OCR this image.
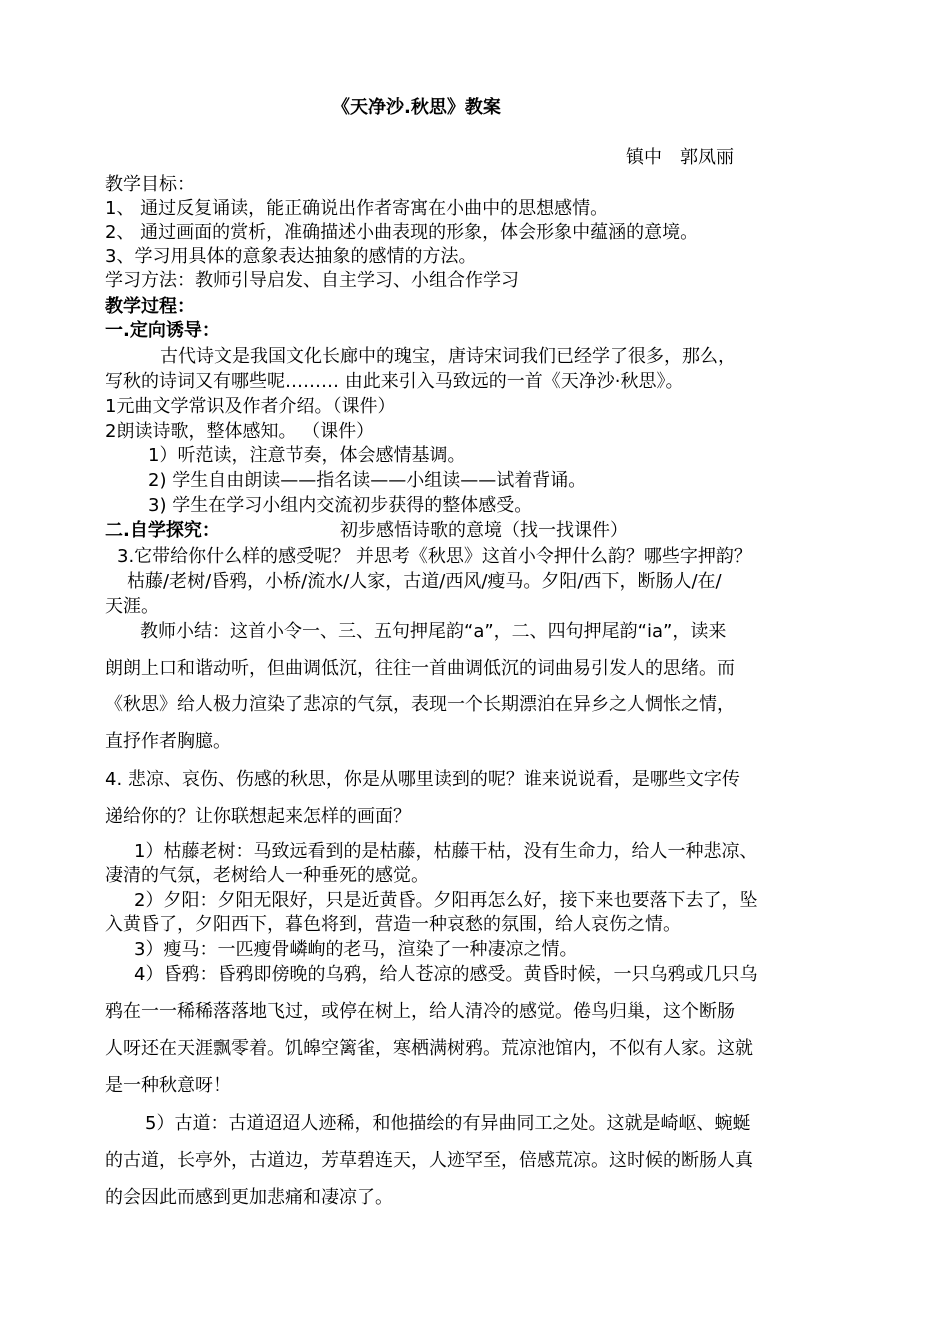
《天净沙.秋思》教案
镇中　郭凤丽
教学目标：
1、 通过反复诵读，能正确说出作者寄寓在小曲中的思想感情。
2、 通过画面的赏析，准确描述小曲表现的形象，体会形象中蕴涵的意境。
3、学习用具体的意象表达抽象的感情的方法。
学习方法：教师引导启发、自主学习、小组合作学习
教学过程：
一.定向诱导：
古代诗文是我国文化长廊中的瑰宝，唐诗宋词我们已经学了很多，那么，
写秋的诗词又有哪些呢……… 由此来引入马致远的一首《天净沙·秋思》。
1元曲文学常识及作者介绍。（课件）
2朗读诗歌，整体感知。 （课件）
1）听范读，注意节奏，体会感情基调。
2) 学生自由朗读——指名读——小组读——试着背诵。
3) 学生在学习小组内交流初步获得的整体感受。
二.自学探究：	初步感悟诗歌的意境（找一找课件）
3.它带给你什么样的感受呢？ 并思考《秋思》这首小令押什么韵？哪些字押韵？
枯藤/老树/昏鸦，小桥/流水/人家，古道/西风/瘦马。夕阳/西下，断肠人/在/
天涯。
教师小结：这首小令一、三、五句押尾韵“a”，二、四句押尾韵“ia”，读来
朗朗上口和谐动听，但曲调低沉，往往一首曲调低沉的词曲易引发人的思绪。而
《秋思》给人极力渲染了悲凉的气氛，表现一个长期漂泊在异乡之人惆怅之情，
直抒作者胸臆。
4. 悲凉、哀伤、伤感的秋思，你是从哪里读到的呢？谁来说说看，是哪些文字传
递给你的？让你联想起来怎样的画面？
1）枯藤老树：马致远看到的是枯藤，枯藤干枯，没有生命力，给人一种悲凉、
凄清的气氛，老树给人一种垂死的感觉。
2）夕阳：夕阳无限好，只是近黄昏。夕阳再怎么好，接下来也要落下去了，坠
入黄昏了，夕阳西下，暮色将到，营造一种哀愁的氛围，给人哀伤之情。
3）瘦马：一匹瘦骨嶙峋的老马，渲染了一种凄凉之情。
4）昏鸦：昏鸦即傍晚的乌鸦，给人苍凉的感受。黄昏时候，一只乌鸦或几只乌
鸦在一一稀稀落落地飞过，或停在树上，给人清冷的感觉。倦鸟归巢，这个断肠
人呀还在天涯飘零着。饥皞空篱雀，寒栖满树鸦。荒凉池馆内，不似有人家。这就
是一种秋意呀！
5）古道：古道迢迢人迹稀，和他描绘的有异曲同工之处。这就是崎岖、蜿蜒
的古道，长亭外，古道边，芳草碧连天，人迹罕至，倍感荒凉。这时候的断肠人真
的会因此而感到更加悲痛和凄凉了。
